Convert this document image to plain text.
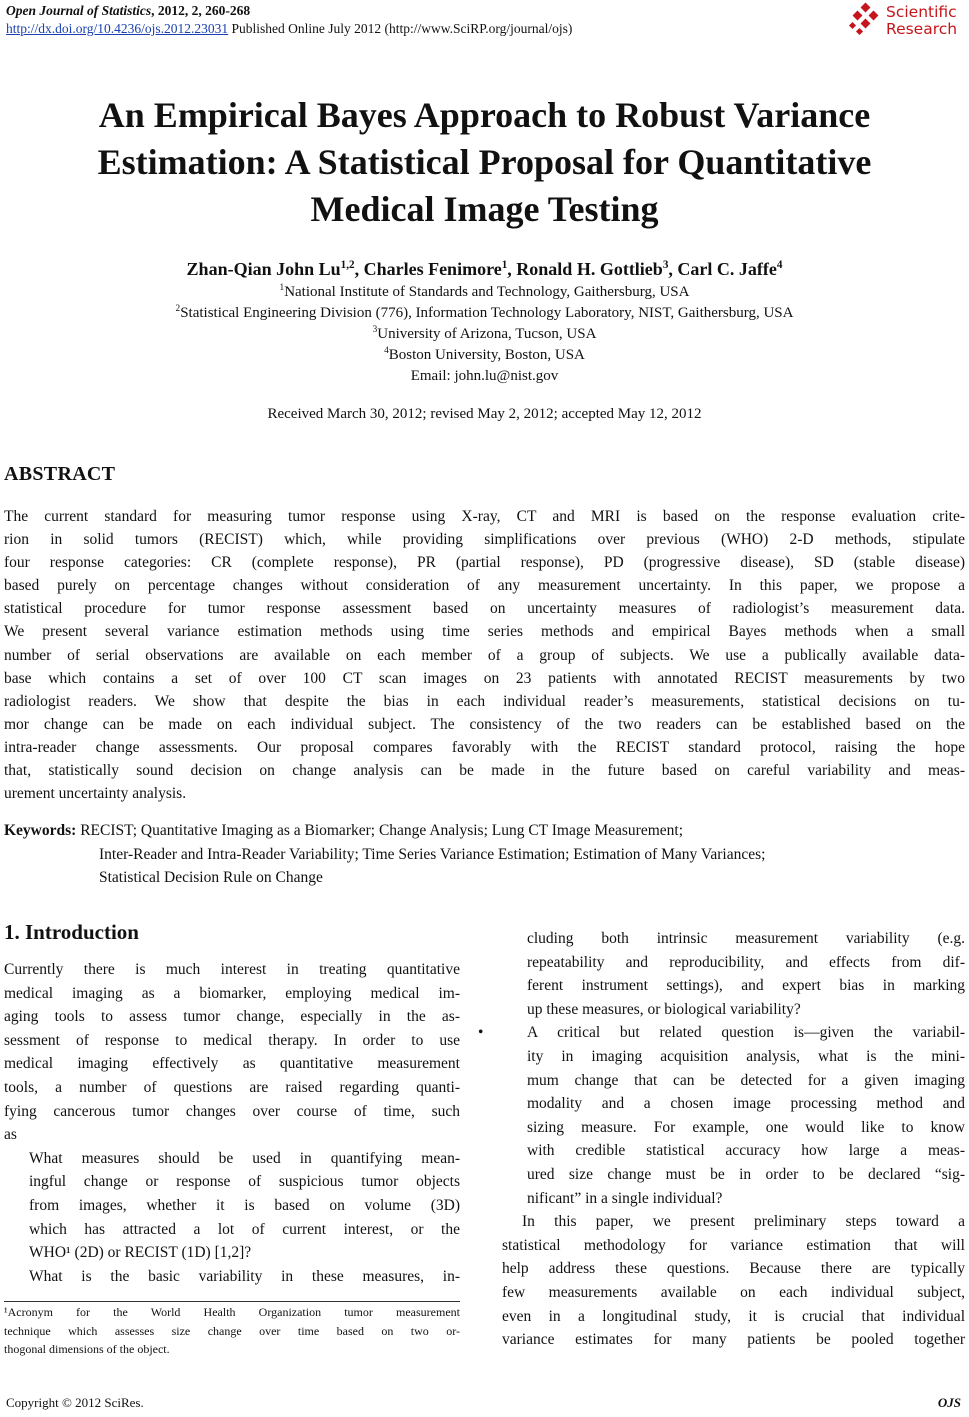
Open Journal of Statistics, 2012, 2, 260-268
http://dx.doi.org/10.4236/ojs.2012.23031 Published Online July 2012 (http://www.SciRP.org/journal/ojs)
Scientific
Research
An Empirical Bayes Approach to Robust Variance
Estimation: A Statistical Proposal for Quantitative
Medical Image Testing
Zhan-Qian John Lu$^{1,2}$, Charles Fenimore$^1$, Ronald H. Gottlieb$^3$, Carl C. Jaffe$^4$
$^1$National Institute of Standards and Technology, Gaithersburg, USA
$^2$Statistical Engineering Division (776), Information Technology Laboratory, NIST, Gaithersburg, USA
$^3$University of Arizona, Tucson, USA
$^4$Boston University, Boston, USA
Email: john.lu@nist.gov
Received March 30, 2012; revised May 2, 2012; accepted May 12, 2012
ABSTRACT
The current standard for measuring tumor response using X-ray, CT and MRI is based on the response evaluation crite-
rion in solid tumors (RECIST) which, while providing simplifications over previous (WHO) 2-D methods, stipulate
four response categories: CR (complete response), PR (partial response), PD (progressive disease), SD (stable disease)
based purely on percentage changes without consideration of any measurement uncertainty. In this paper, we propose a
statistical procedure for tumor response assessment based on uncertainty measures of radiologist’s measurement data.
We present several variance estimation methods using time series methods and empirical Bayes methods when a small
number of serial observations are available on each member of a group of subjects. We use a publically available data-
base which contains a set of over 100 CT scan images on 23 patients with annotated RECIST measurements by two
radiologist readers. We show that despite the bias in each individual reader’s measurements, statistical decisions on tu-
mor change can be made on each individual subject. The consistency of the two readers can be established based on the
intra-reader change assessments. Our proposal compares favorably with the RECIST standard protocol, raising the hope
that, statistically sound decision on change analysis can be made in the future based on careful variability and meas-
urement uncertainty analysis.
Keywords: RECIST; Quantitative Imaging as a Biomarker; Change Analysis; Lung CT Image Measurement;
Inter-Reader and Intra-Reader Variability; Time Series Variance Estimation; Estimation of Many Variances;
Statistical Decision Rule on Change
1. Introduction
Currently there is much interest in treating quantitative
medical imaging as a biomarker, employing medical im-
aging tools to assess tumor change, especially in the as-
sessment of response to medical therapy. In order to use
medical imaging effectively as quantitative measurement
tools, a number of questions are raised regarding quanti-
fying cancerous tumor changes over course of time, such
as
• What measures should be used in quantifying mean-
ingful change or response of suspicious tumor objects
from images, whether it is based on volume (3D)
which has attracted a lot of current interest, or the
WHO¹ (2D) or RECIST (1D) [1,2]?
• What is the basic variability in these measures, in-
¹Acronym for the World Health Organization tumor measurement
technique which assesses size change over time based on two or-
thogonal dimensions of the object.
cluding both intrinsic measurement variability (e.g.
repeatability and reproducibility, and effects from dif-
ferent instrument settings), and expert bias in marking
up these measures, or biological variability?
• A critical but related question is—given the variabil-
ity in imaging acquisition analysis, what is the mini-
mum change that can be detected for a given imaging
modality and a chosen image processing method and
sizing measure. For example, one would like to know
with credible statistical accuracy how large a meas-
ured size change must be in order to be declared “sig-
nificant” in a single individual?
In this paper, we present preliminary steps toward a
statistical methodology for variance estimation that will
help address these questions. Because there are typically
few measurements available on each individual subject,
even in a longitudinal study, it is crucial that individual
variance estimates for many patients be pooled together
Copyright © 2012 SciRes.	OJS
